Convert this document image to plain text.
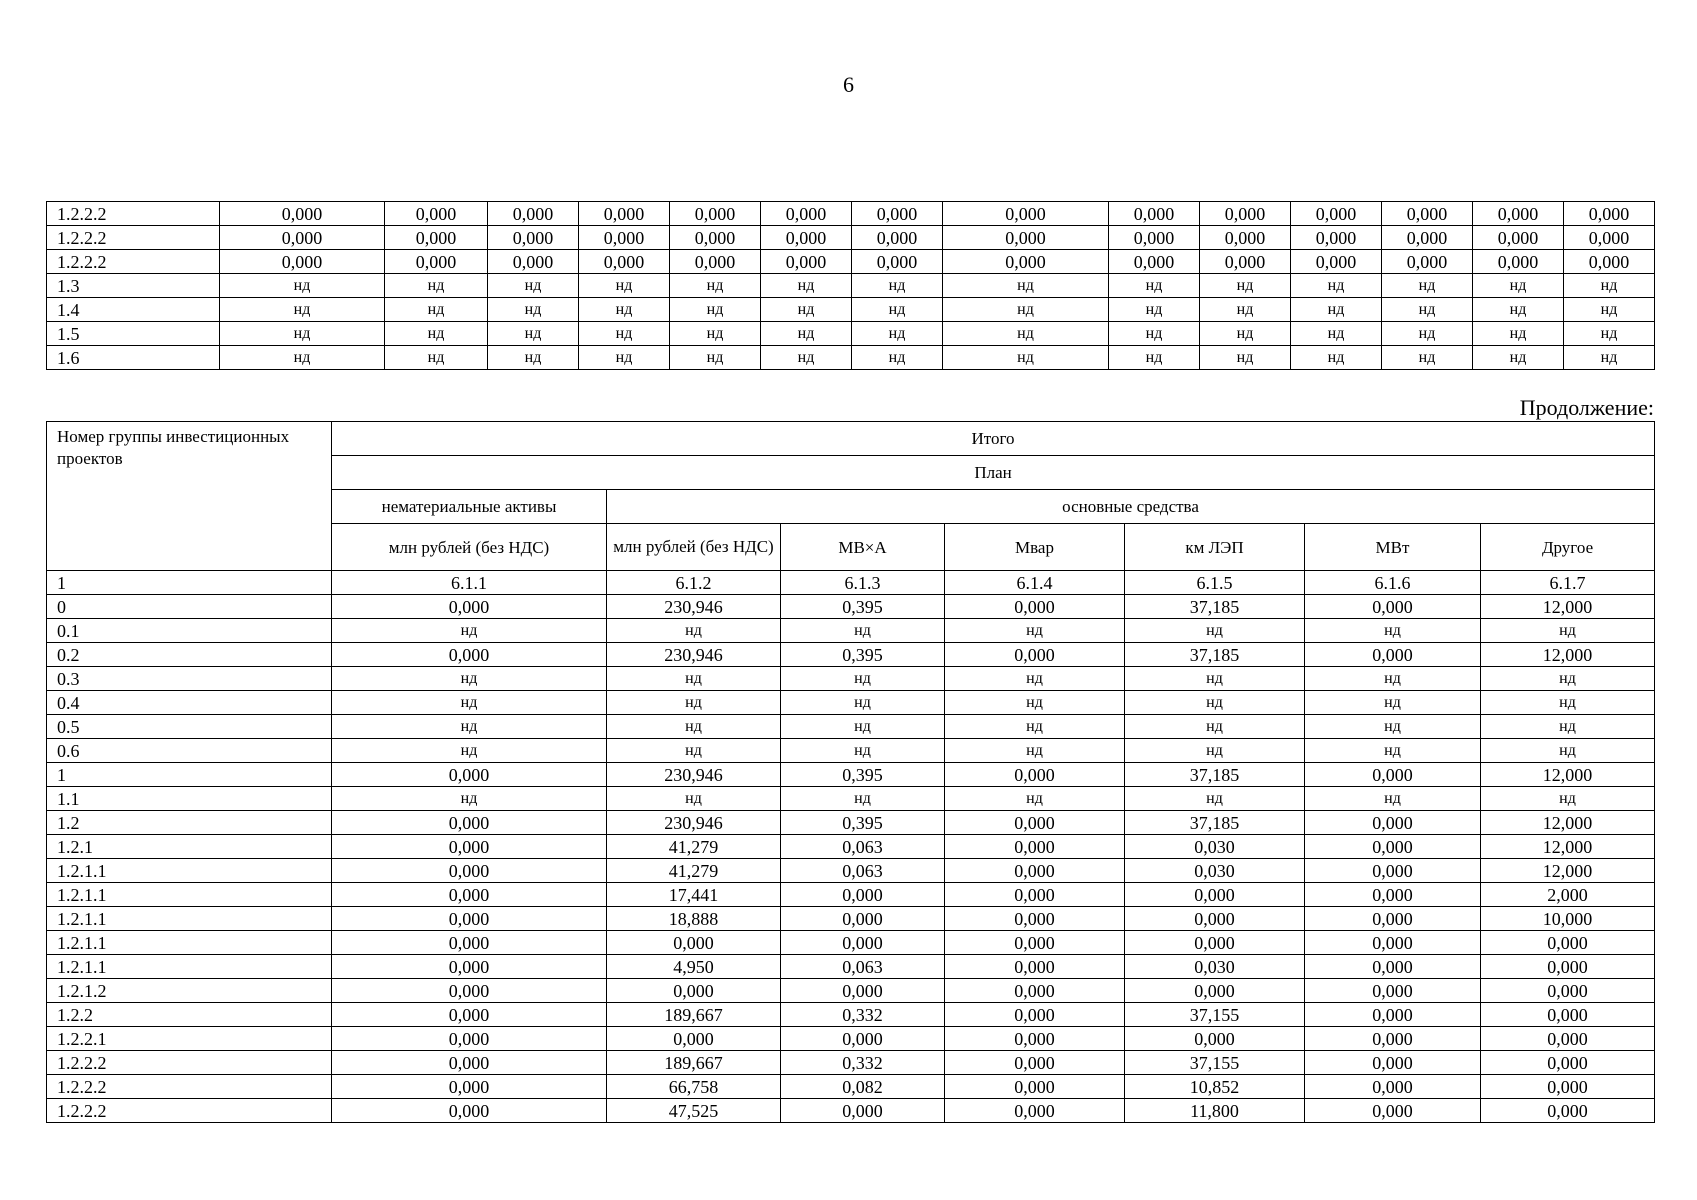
6
1.2.2.2	0,000	0,000	0,000	0,000	0,000	0,000	0,000	0,000	0,000	0,000	0,000	0,000	0,000	0,000
1.2.2.2	0,000	0,000	0,000	0,000	0,000	0,000	0,000	0,000	0,000	0,000	0,000	0,000	0,000	0,000
1.2.2.2	0,000	0,000	0,000	0,000	0,000	0,000	0,000	0,000	0,000	0,000	0,000	0,000	0,000	0,000
1.3	нд	нд	нд	нд	нд	нд	нд	нд	нд	нд	нд	нд	нд	нд
1.4	нд	нд	нд	нд	нд	нд	нд	нд	нд	нд	нд	нд	нд	нд
1.5	нд	нд	нд	нд	нд	нд	нд	нд	нд	нд	нд	нд	нд	нд
1.6	нд	нд	нд	нд	нд	нд	нд	нд	нд	нд	нд	нд	нд	нд
Продолжение:
Номер группы инвестиционных проектов	Итого						
	План						
	нематериальные активы	основные средства					
	млн рублей (без НДС)	млн рублей (без НДС)	МВ×А	Мвар	км ЛЭП	МВт	Другое
1	6.1.1	6.1.2	6.1.3	6.1.4	6.1.5	6.1.6	6.1.7
0	0,000	230,946	0,395	0,000	37,185	0,000	12,000
0.1	нд	нд	нд	нд	нд	нд	нд
0.2	0,000	230,946	0,395	0,000	37,185	0,000	12,000
0.3	нд	нд	нд	нд	нд	нд	нд
0.4	нд	нд	нд	нд	нд	нд	нд
0.5	нд	нд	нд	нд	нд	нд	нд
0.6	нд	нд	нд	нд	нд	нд	нд
1	0,000	230,946	0,395	0,000	37,185	0,000	12,000
1.1	нд	нд	нд	нд	нд	нд	нд
1.2	0,000	230,946	0,395	0,000	37,185	0,000	12,000
1.2.1	0,000	41,279	0,063	0,000	0,030	0,000	12,000
1.2.1.1	0,000	41,279	0,063	0,000	0,030	0,000	12,000
1.2.1.1	0,000	17,441	0,000	0,000	0,000	0,000	2,000
1.2.1.1	0,000	18,888	0,000	0,000	0,000	0,000	10,000
1.2.1.1	0,000	0,000	0,000	0,000	0,000	0,000	0,000
1.2.1.1	0,000	4,950	0,063	0,000	0,030	0,000	0,000
1.2.1.2	0,000	0,000	0,000	0,000	0,000	0,000	0,000
1.2.2	0,000	189,667	0,332	0,000	37,155	0,000	0,000
1.2.2.1	0,000	0,000	0,000	0,000	0,000	0,000	0,000
1.2.2.2	0,000	189,667	0,332	0,000	37,155	0,000	0,000
1.2.2.2	0,000	66,758	0,082	0,000	10,852	0,000	0,000
1.2.2.2	0,000	47,525	0,000	0,000	11,800	0,000	0,000
